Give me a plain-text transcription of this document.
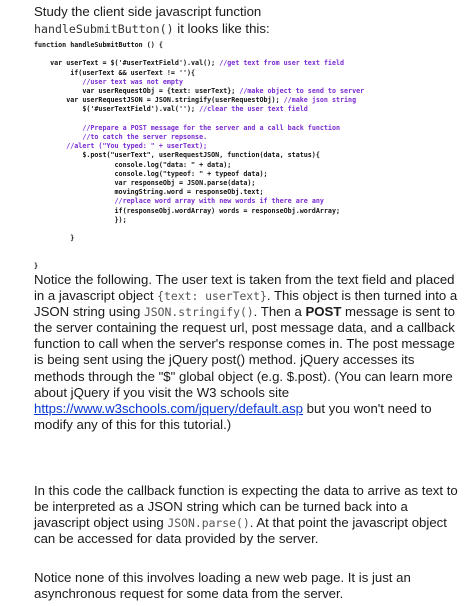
Study the client side javascript function
handleSubmitButton() it looks like this:
function handleSubmitButton () {

var userText = $('#userTextField').val(); //get text from user text field
if(userText && userText != ''){
//user text was not empty
var userRequestObj = {text: userText}; //make object to send to server
var userRequestJSON = JSON.stringify(userRequestObj); //make json string
$('#userTextField').val(''); //clear the user text field

//Prepare a POST message for the server and a call back function
//to catch the server repsonse.
//alert ("You typed: " + userText);
$.post("userText", userRequestJSON, function(data, status){
console.log("data: " + data);
console.log("typeof: " + typeof data);
var responseObj = JSON.parse(data);
movingString.word = responseObj.text;
//replace word array with new words if there are any
if(responseObj.wordArray) words = responseObj.wordArray;
});

}

}

Notice the following. The user text is taken from the text field and placed in a javascript object {text: userText}. This object is then turned into a JSON string using JSON.stringify(). Then a POST message is sent to the server containing the request url, post message data, and a callback function to call when the server's response comes in. The post message is being sent using the jQuery post() method. jQuery accesses its methods through the "$" global object (e.g. $.post). (You can learn more about jQuery if you visit the W3 schools site https://www.w3schools.com/jquery/default.asp but you won't need to modify any of this for this tutorial.)
In this code the callback function is expecting the data to arrive as text to be interpreted as a JSON string which can be turned back into a javascript object using JSON.parse(). At that point the javascript object can be accessed for data provided by the server.
Notice none of this involves loading a new web page. It is just an asynchronous request for some data from the server.
